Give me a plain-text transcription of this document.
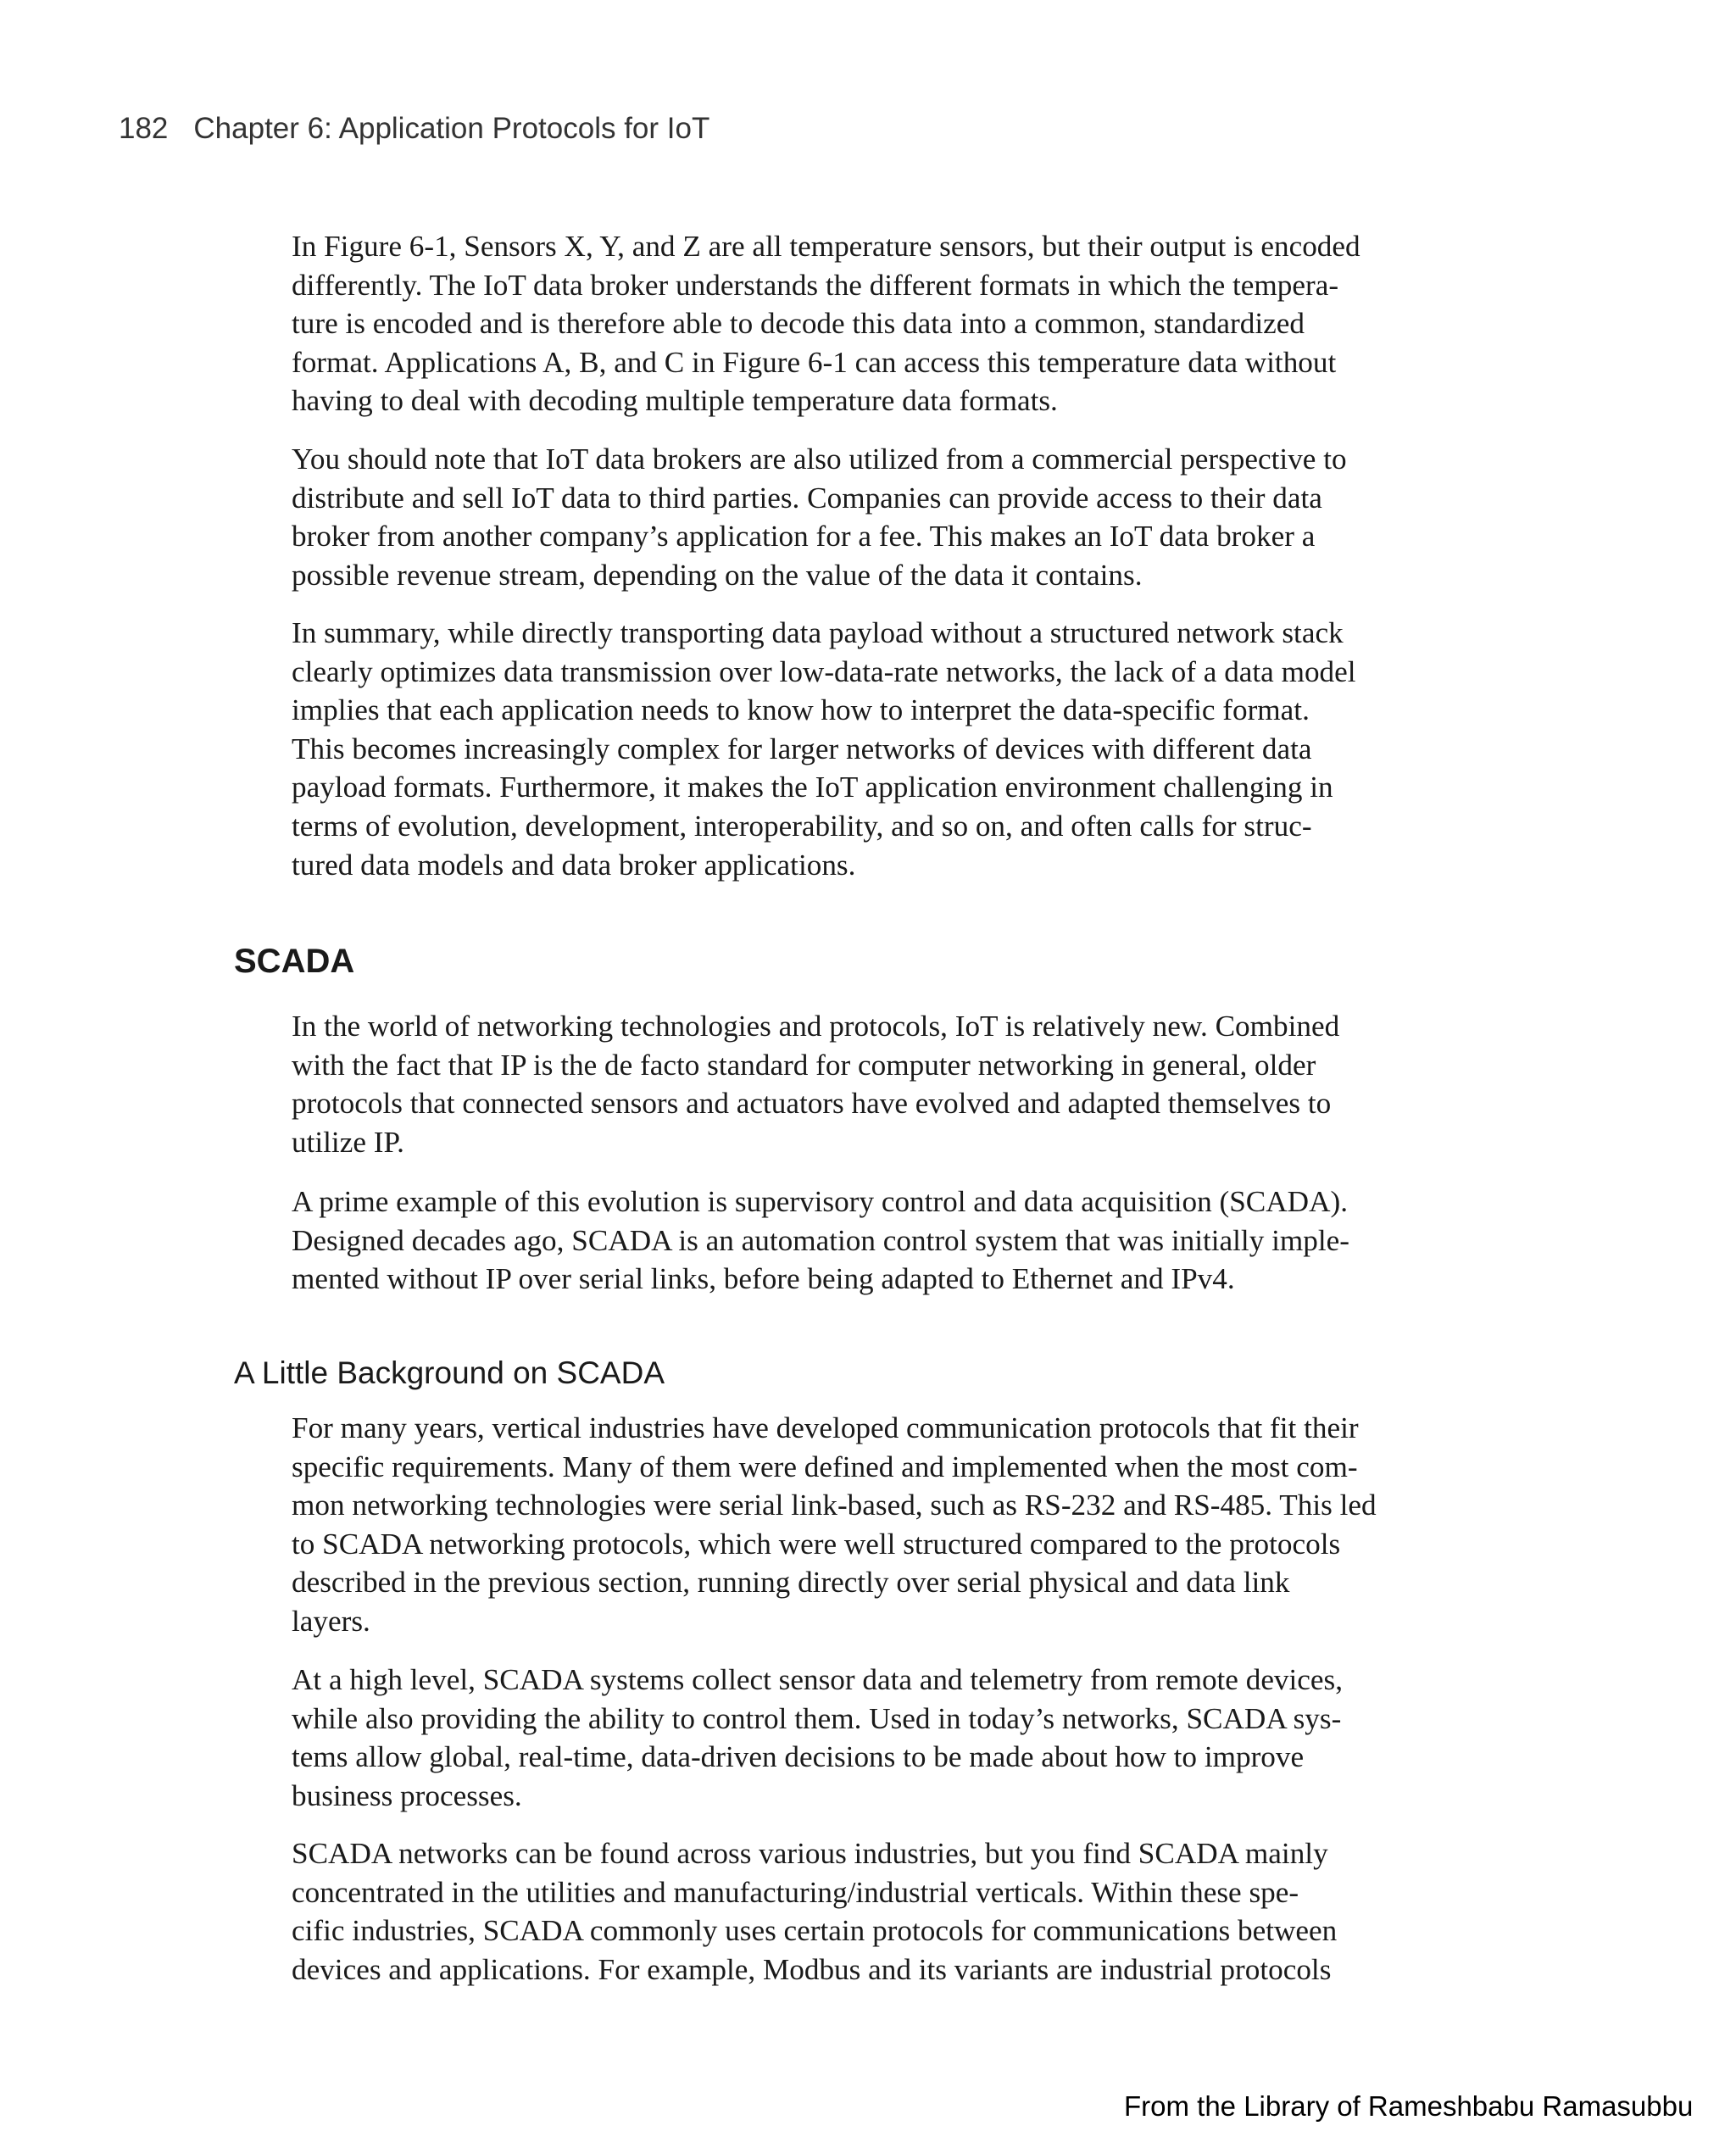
182 Chapter 6: Application Protocols for IoT
In Figure 6-1, Sensors X, Y, and Z are all temperature sensors, but their output is encoded
differently. The IoT data broker understands the different formats in which the tempera-
ture is encoded and is therefore able to decode this data into a common, standardized
format. Applications A, B, and C in Figure 6-1 can access this temperature data without
having to deal with decoding multiple temperature data formats.
You should note that IoT data brokers are also utilized from a commercial perspective to
distribute and sell IoT data to third parties. Companies can provide access to their data
broker from another company’s application for a fee. This makes an IoT data broker a
possible revenue stream, depending on the value of the data it contains.
In summary, while directly transporting data payload without a structured network stack
clearly optimizes data transmission over low-data-rate networks, the lack of a data model
implies that each application needs to know how to interpret the data-specific format.
This becomes increasingly complex for larger networks of devices with different data
payload formats. Furthermore, it makes the IoT application environment challenging in
terms of evolution, development, interoperability, and so on, and often calls for struc-
tured data models and data broker applications.
SCADA
In the world of networking technologies and protocols, IoT is relatively new. Combined
with the fact that IP is the de facto standard for computer networking in general, older
protocols that connected sensors and actuators have evolved and adapted themselves to
utilize IP.
A prime example of this evolution is supervisory control and data acquisition (SCADA).
Designed decades ago, SCADA is an automation control system that was initially imple-
mented without IP over serial links, before being adapted to Ethernet and IPv4.
A Little Background on SCADA
For many years, vertical industries have developed communication protocols that fit their
specific requirements. Many of them were defined and implemented when the most com-
mon networking technologies were serial link-based, such as RS-232 and RS-485. This led
to SCADA networking protocols, which were well structured compared to the protocols
described in the previous section, running directly over serial physical and data link
layers.
At a high level, SCADA systems collect sensor data and telemetry from remote devices,
while also providing the ability to control them. Used in today’s networks, SCADA sys-
tems allow global, real-time, data-driven decisions to be made about how to improve
business processes.
SCADA networks can be found across various industries, but you find SCADA mainly
concentrated in the utilities and manufacturing/industrial verticals. Within these spe-
cific industries, SCADA commonly uses certain protocols for communications between
devices and applications. For example, Modbus and its variants are industrial protocols
From the Library of Rameshbabu Ramasubbu
